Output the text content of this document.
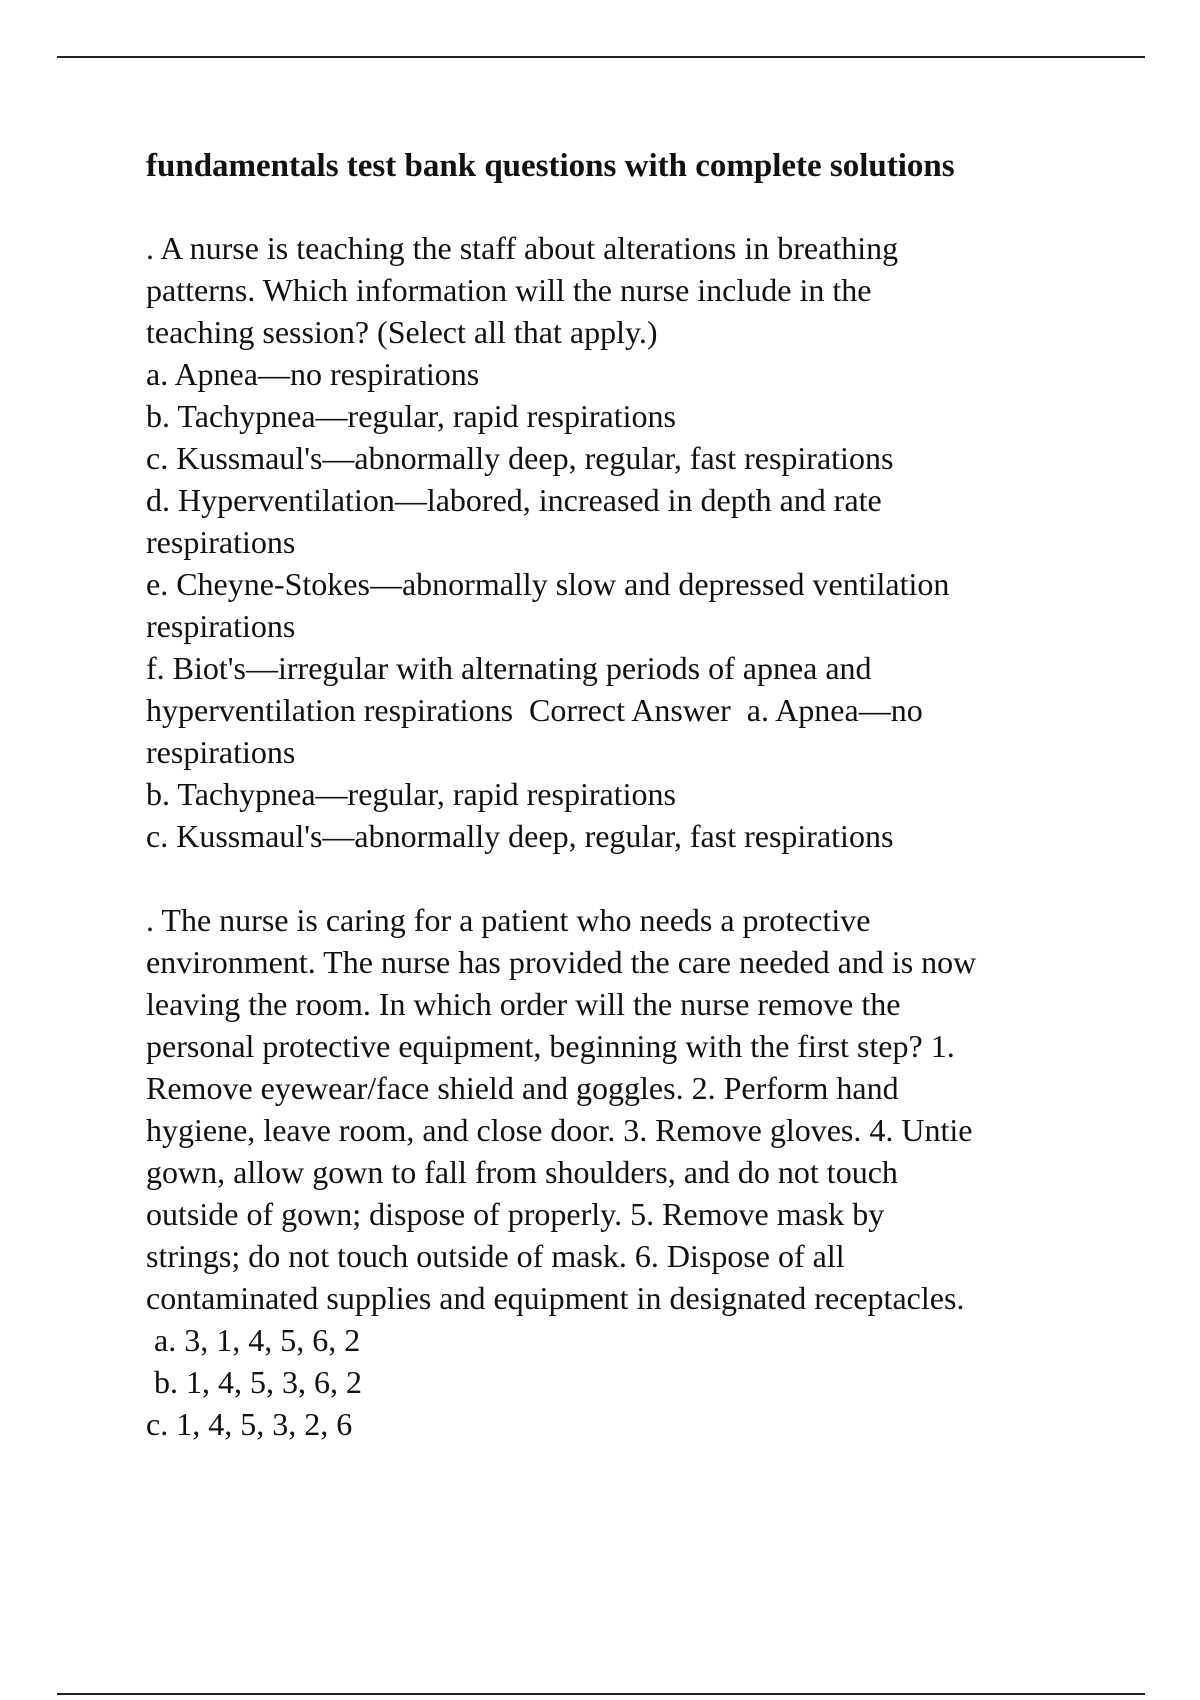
fundamentals test bank questions with complete solutions

. A nurse is teaching the staff about alterations in breathing

patterns. Which information will the nurse include in the

teaching session? (Select all that apply.)

a. Apnea—no respirations

b. Tachypnea—regular, rapid respirations

c. Kussmaul's—abnormally deep, regular, fast respirations

d. Hyperventilation—labored, increased in depth and rate

respirations

e. Cheyne-Stokes—abnormally slow and depressed ventilation

respirations

f. Biot's—irregular with alternating periods of apnea and

hyperventilation respirations  Correct Answer  a. Apnea—no

respirations

b. Tachypnea—regular, rapid respirations

c. Kussmaul's—abnormally deep, regular, fast respirations

. The nurse is caring for a patient who needs a protective

environment. The nurse has provided the care needed and is now

leaving the room. In which order will the nurse remove the

personal protective equipment, beginning with the first step? 1.

Remove eyewear/face shield and goggles. 2. Perform hand

hygiene, leave room, and close door. 3. Remove gloves. 4. Untie

gown, allow gown to fall from shoulders, and do not touch

outside of gown; dispose of properly. 5. Remove mask by

strings; do not touch outside of mask. 6. Dispose of all

contaminated supplies and equipment in designated receptacles.

a. 3, 1, 4, 5, 6, 2

b. 1, 4, 5, 3, 6, 2

c. 1, 4, 5, 3, 2, 6
